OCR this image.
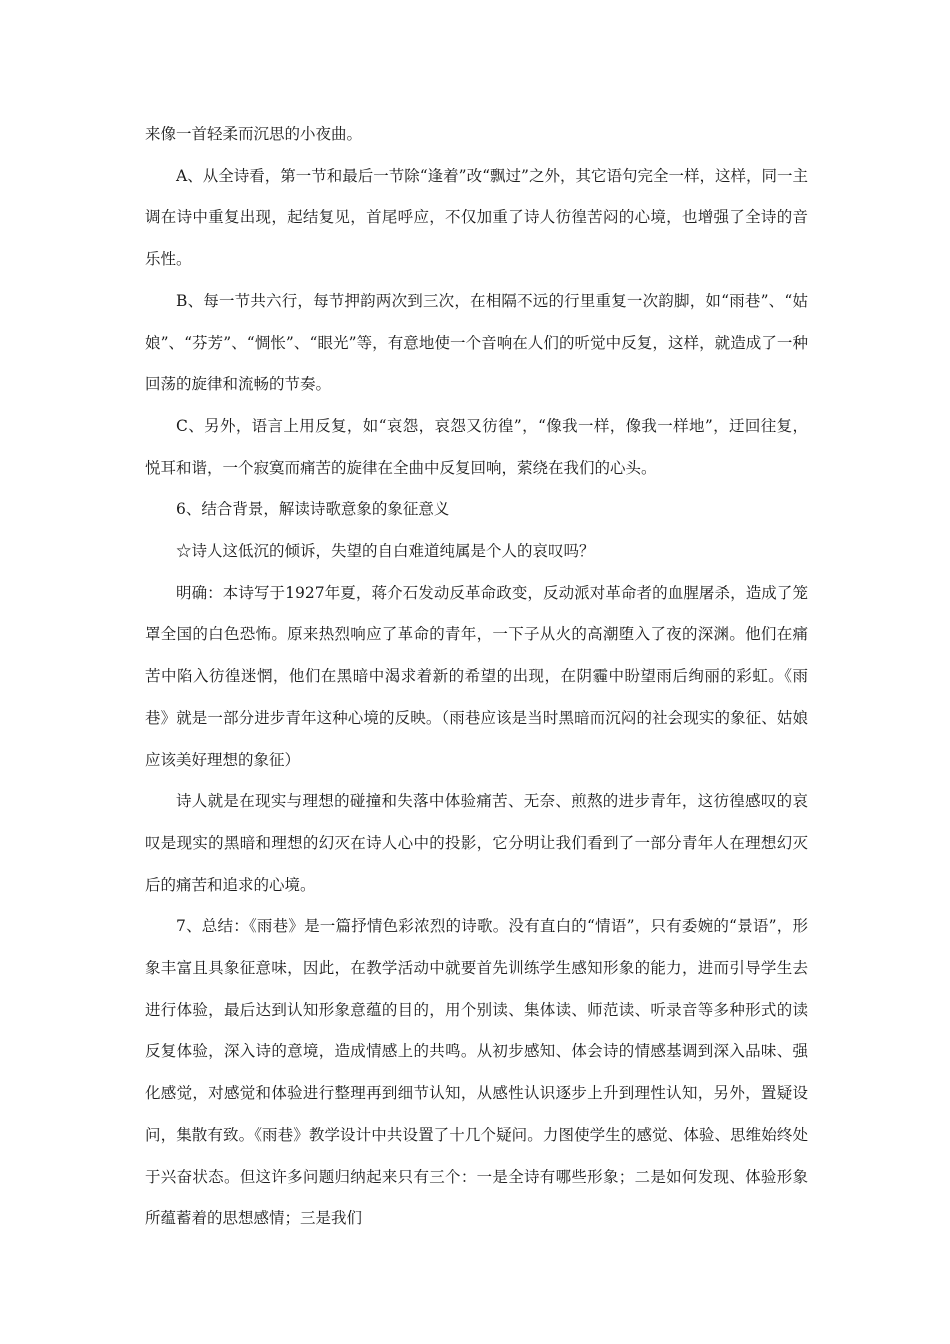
来像一首轻柔而沉思的小夜曲。

A、从全诗看，第一节和最后一节除“逢着”改“飘过”之外，其它语句完全一样，这样，同一主调在诗中重复出现，起结复见，首尾呼应，不仅加重了诗人彷徨苦闷的心境，也增强了全诗的音乐性。

B、每一节共六行，每节押韵两次到三次，在相隔不远的行里重复一次韵脚，如“雨巷”、“姑娘”、“芬芳”、“惆怅”、“眼光”等，有意地使一个音响在人们的听觉中反复，这样，就造成了一种回荡的旋律和流畅的节奏。

C、另外，语言上用反复，如“哀怨，哀怨又彷徨”，“像我一样，像我一样地”，迂回往复，悦耳和谐，一个寂寞而痛苦的旋律在全曲中反复回响，萦绕在我们的心头。

6、结合背景，解读诗歌意象的象征意义

☆诗人这低沉的倾诉，失望的自白难道纯属是个人的哀叹吗？

明确：本诗写于1927年夏，蒋介石发动反革命政变，反动派对革命者的血腥屠杀，造成了笼罩全国的白色恐怖。原来热烈响应了革命的青年，一下子从火的高潮堕入了夜的深渊。他们在痛苦中陷入彷徨迷惘，他们在黑暗中渴求着新的希望的出现，在阴霾中盼望雨后绚丽的彩虹。《雨巷》就是一部分进步青年这种心境的反映。（雨巷应该是当时黑暗而沉闷的社会现实的象征、姑娘应该美好理想的象征）

诗人就是在现实与理想的碰撞和失落中体验痛苦、无奈、煎熬的进步青年，这彷徨感叹的哀叹是现实的黑暗和理想的幻灭在诗人心中的投影，它分明让我们看到了一部分青年人在理想幻灭后的痛苦和追求的心境。

7、总结：《雨巷》是一篇抒情色彩浓烈的诗歌。没有直白的“情语”，只有委婉的“景语”，形象丰富且具象征意味，因此，在教学活动中就要首先训练学生感知形象的能力，进而引导学生去进行体验，最后达到认知形象意蕴的目的，用个别读、集体读、师范读、听录音等多种形式的读反复体验，深入诗的意境，造成情感上的共鸣。从初步感知、体会诗的情感基调到深入品味、强化感觉，对感觉和体验进行整理再到细节认知，从感性认识逐步上升到理性认知，另外，置疑设问，集散有致。《雨巷》教学设计中共设置了十几个疑问。力图使学生的感觉、体验、思维始终处于兴奋状态。但这许多问题归纳起来只有三个：一是全诗有哪些形象；二是如何发现、体验形象所蕴蓄着的思想感情；三是我们
